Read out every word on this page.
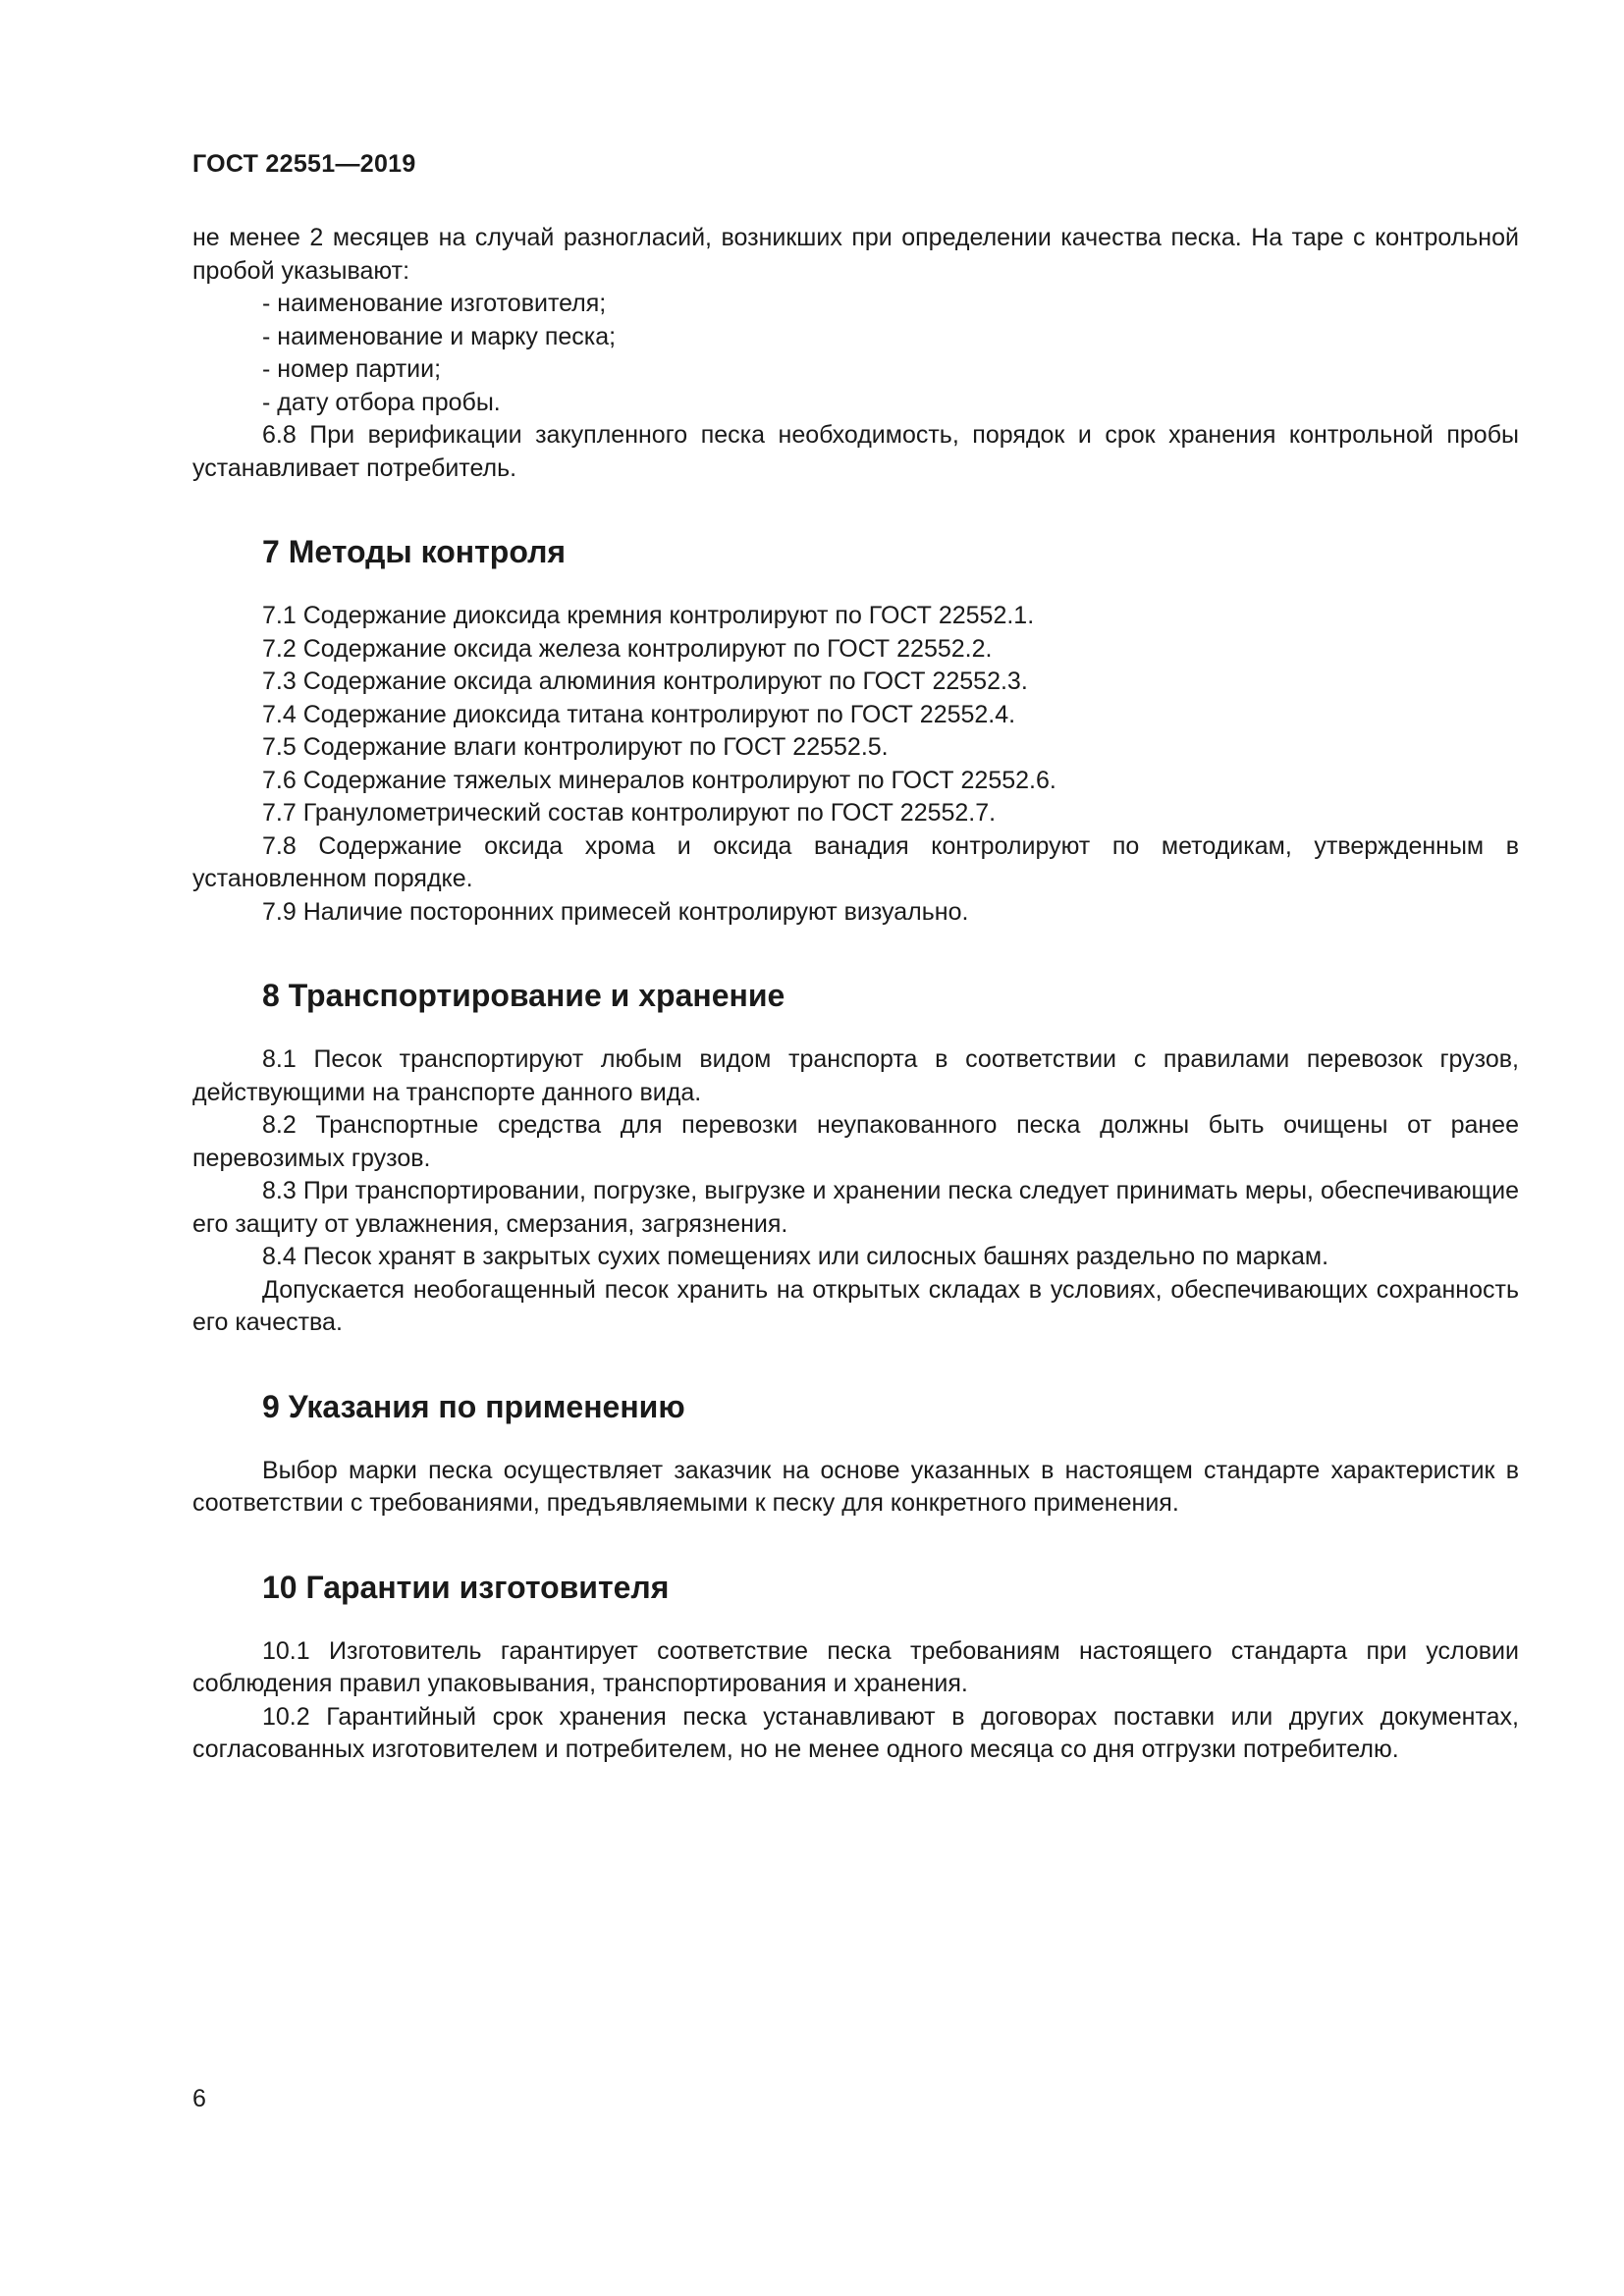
ГОСТ 22551—2019

не менее 2 месяцев на случай разногласий, возникших при определении качества песка. На таре с контрольной пробой указывают:

- наименование изготовителя;
- наименование и марку песка;
- номер партии;
- дату отбора пробы.

6.8 При верификации закупленного песка необходимость, порядок и срок хранения контрольной пробы устанавливает потребитель.

7 Методы контроля

7.1 Содержание диоксида кремния контролируют по ГОСТ 22552.1.

7.2 Содержание оксида железа контролируют по ГОСТ 22552.2.

7.3 Содержание оксида алюминия контролируют по ГОСТ 22552.3.

7.4 Содержание диоксида титана контролируют по ГОСТ 22552.4.

7.5 Содержание влаги контролируют по ГОСТ 22552.5.

7.6 Содержание тяжелых минералов контролируют по ГОСТ 22552.6.

7.7 Гранулометрический состав контролируют по ГОСТ 22552.7.

7.8 Содержание оксида хрома и оксида ванадия контролируют по методикам, утвержденным в установленном порядке.

7.9 Наличие посторонних примесей контролируют визуально.

8 Транспортирование и хранение

8.1 Песок транспортируют любым видом транспорта в соответствии с правилами перевозок грузов, действующими на транспорте данного вида.

8.2 Транспортные средства для перевозки неупакованного песка должны быть очищены от ранее перевозимых грузов.

8.3 При транспортировании, погрузке, выгрузке и хранении песка следует принимать меры, обеспечивающие его защиту от увлажнения, смерзания, загрязнения.

8.4 Песок хранят в закрытых сухих помещениях или силосных башнях раздельно по маркам.

Допускается необогащенный песок хранить на открытых складах в условиях, обеспечивающих сохранность его качества.

9 Указания по применению

Выбор марки песка осуществляет заказчик на основе указанных в настоящем стандарте характеристик в соответствии с требованиями, предъявляемыми к песку для конкретного применения.

10 Гарантии изготовителя

10.1 Изготовитель гарантирует соответствие песка требованиям настоящего стандарта при условии соблюдения правил упаковывания, транспортирования и хранения.

10.2 Гарантийный срок хранения песка устанавливают в договорах поставки или других документах, согласованных изготовителем и потребителем, но не менее одного месяца со дня отгрузки потребителю.

6
